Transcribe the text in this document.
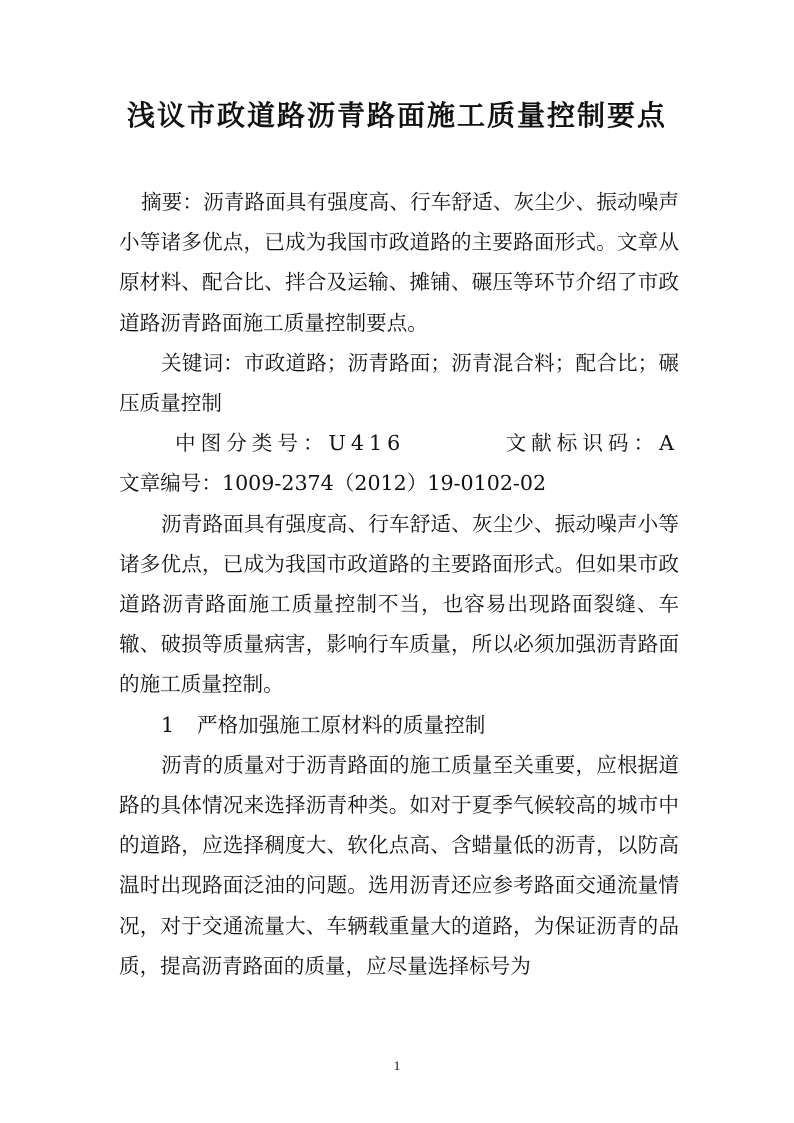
浅议市政道路沥青路面施工质量控制要点

摘要：沥青路面具有强度高、行车舒适、灰尘少、振动噪声小等诸多优点，已成为我国市政道路的主要路面形式。文章从原材料、配合比、拌合及运输、摊铺、碾压等环节介绍了市政道路沥青路面施工质量控制要点。

关键词：市政道路；沥青路面；沥青混合料；配合比；碾压质量控制

中图分类号：U416	文献标识码：A

文章编号：1009-2374（2012）19-0102-02

沥青路面具有强度高、行车舒适、灰尘少、振动噪声小等诸多优点，已成为我国市政道路的主要路面形式。但如果市政道路沥青路面施工质量控制不当，也容易出现路面裂缝、车辙、破损等质量病害，影响行车质量，所以必须加强沥青路面的施工质量控制。

1 严格加强施工原材料的质量控制

沥青的质量对于沥青路面的施工质量至关重要，应根据道路的具体情况来选择沥青种类。如对于夏季气候较高的城市中的道路，应选择稠度大、软化点高、含蜡量低的沥青，以防高温时出现路面泛油的问题。选用沥青还应参考路面交通流量情况，对于交通流量大、车辆载重量大的道路，为保证沥青的品质，提高沥青路面的质量，应尽量选择标号为

1
